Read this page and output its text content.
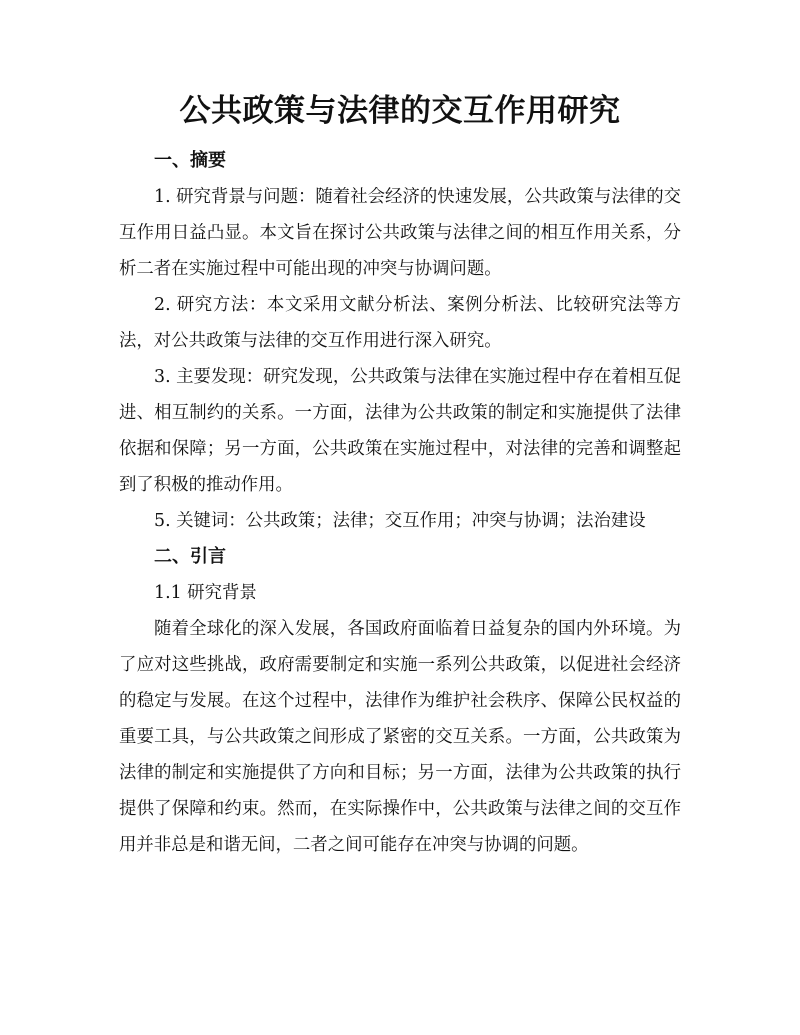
公共政策与法律的交互作用研究
一、摘要

1. 研究背景与问题：随着社会经济的快速发展，公共政策与法律的交互作用日益凸显。本文旨在探讨公共政策与法律之间的相互作用关系，分析二者在实施过程中可能出现的冲突与协调问题。

2. 研究方法：本文采用文献分析法、案例分析法、比较研究法等方法，对公共政策与法律的交互作用进行深入研究。

3. 主要发现：研究发现，公共政策与法律在实施过程中存在着相互促进、相互制约的关系。一方面，法律为公共政策的制定和实施提供了法律依据和保障；另一方面，公共政策在实施过程中，对法律的完善和调整起到了积极的推动作用。

5. 关键词：公共政策；法律；交互作用；冲突与协调；法治建设

二、引言

1.1 研究背景

随着全球化的深入发展，各国政府面临着日益复杂的国内外环境。为了应对这些挑战，政府需要制定和实施一系列公共政策，以促进社会经济的稳定与发展。在这个过程中，法律作为维护社会秩序、保障公民权益的重要工具，与公共政策之间形成了紧密的交互关系。一方面，公共政策为法律的制定和实施提供了方向和目标；另一方面，法律为公共政策的执行提供了保障和约束。然而，在实际操作中，公共政策与法律之间的交互作用并非总是和谐无间，二者之间可能存在冲突与协调的问题。
